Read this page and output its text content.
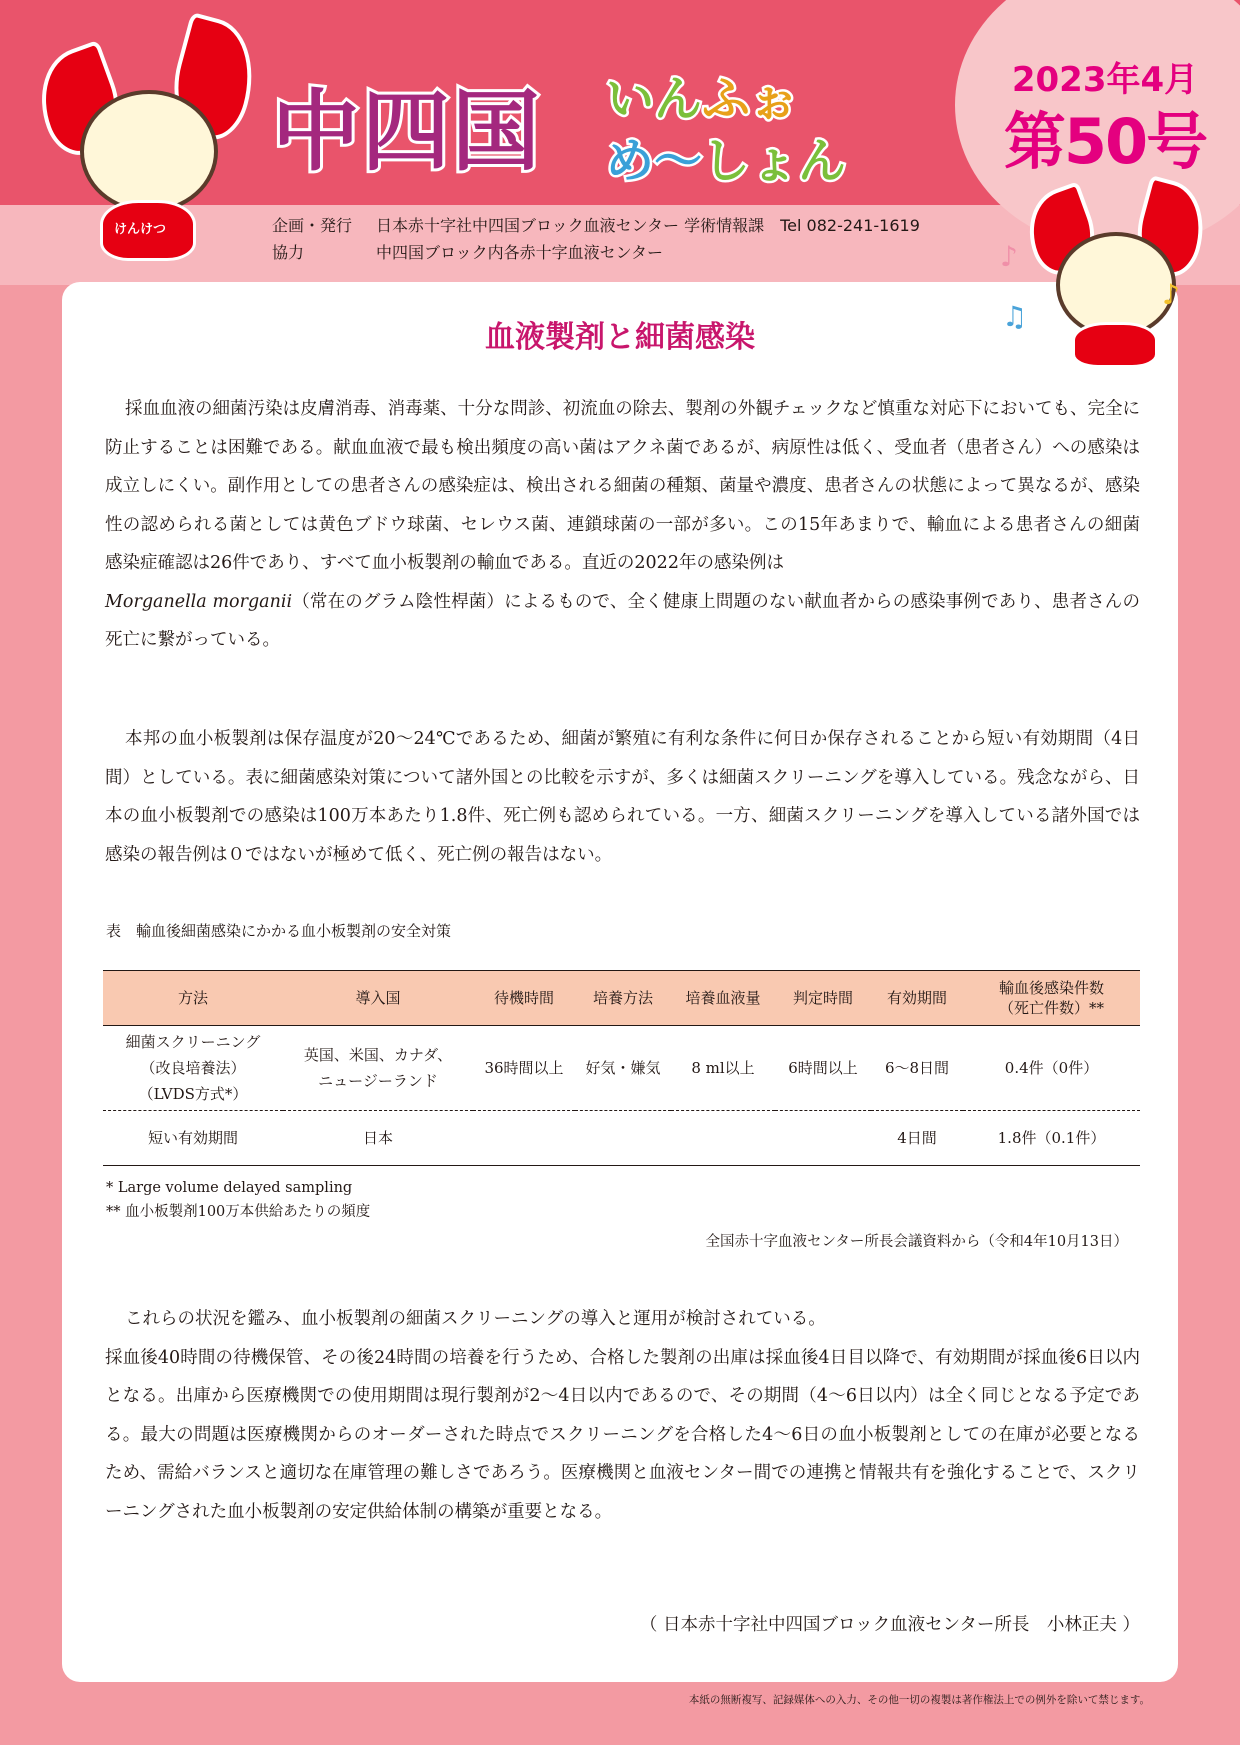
けんけつ
中四国 いんふぉ
め〜しょん
2023年4月
第50号
企画・発行 日本赤十字社中四国ブロック血液センター 学術情報課　Tel 082-241-1619
協力	中四国ブロック内各赤十字血液センター	♪
♫
♪
血液製剤と細菌感染
採血血液の細菌汚染は皮膚消毒、消毒薬、十分な問診、初流血の除去、製剤の外観チェックなど慎重な対応下においても、完全に防止することは困難である。献血血液で最も検出頻度の高い菌はアクネ菌であるが、病原性は低く、受血者（患者さん）への感染は成立しにくい。副作用としての患者さんの感染症は、検出される細菌の種類、菌量や濃度、患者さんの状態によって異なるが、感染性の認められる菌としては黄色ブドウ球菌、セレウス菌、連鎖球菌の一部が多い。この15年あまりで、輸血による患者さんの細菌感染症確認は26件であり、すべて血小板製剤の輸血である。直近の2022年の感染例は
Morganella morganii（常在のグラム陰性桿菌）によるもので、全く健康上問題のない献血者からの感染事例であり、患者さんの死亡に繋がっている。
本邦の血小板製剤は保存温度が20〜24℃であるため、細菌が繁殖に有利な条件に何日か保存されることから短い有効期間（4日間）としている。表に細菌感染対策について諸外国との比較を示すが、多くは細菌スクリーニングを導入している。残念ながら、日本の血小板製剤での感染は100万本あたり1.8件、死亡例も認められている。一方、細菌スクリーニングを導入している諸外国では感染の報告例は０ではないが極めて低く、死亡例の報告はない。
表　輸血後細菌感染にかかる血小板製剤の安全対策
方法	導入国	待機時間	培養方法	培養血液量	判定時間	有効期間	輸血後感染件数
（死亡件数）**
細菌スクリーニング
（改良培養法）
（LVDS方式*）	英国、米国、カナダ、
ニュージーランド	36時間以上	好気・嫌気	8 ml以上	6時間以上	6〜8日間	0.4件（0件）
短い有効期間	日本					4日間	1.8件（0.1件）
* Large volume delayed sampling
** 血小板製剤100万本供給あたりの頻度
全国赤十字血液センター所長会議資料から（令和4年10月13日）
これらの状況を鑑み、血小板製剤の細菌スクリーニングの導入と運用が検討されている。
採血後40時間の待機保管、その後24時間の培養を行うため、合格した製剤の出庫は採血後4日目以降で、有効期間が採血後6日以内となる。出庫から医療機関での使用期間は現行製剤が2〜4日以内であるので、その期間（4〜6日以内）は全く同じとなる予定である。最大の問題は医療機関からのオーダーされた時点でスクリーニングを合格した4〜6日の血小板製剤としての在庫が必要となるため、需給バランスと適切な在庫管理の難しさであろう。医療機関と血液センター間での連携と情報共有を強化することで、スクリーニングされた血小板製剤の安定供給体制の構築が重要となる。
（ 日本赤十字社中四国ブロック血液センター所長　小林正夫 ）
本紙の無断複写、記録媒体への入力、その他一切の複製は著作権法上での例外を除いて禁じます。
